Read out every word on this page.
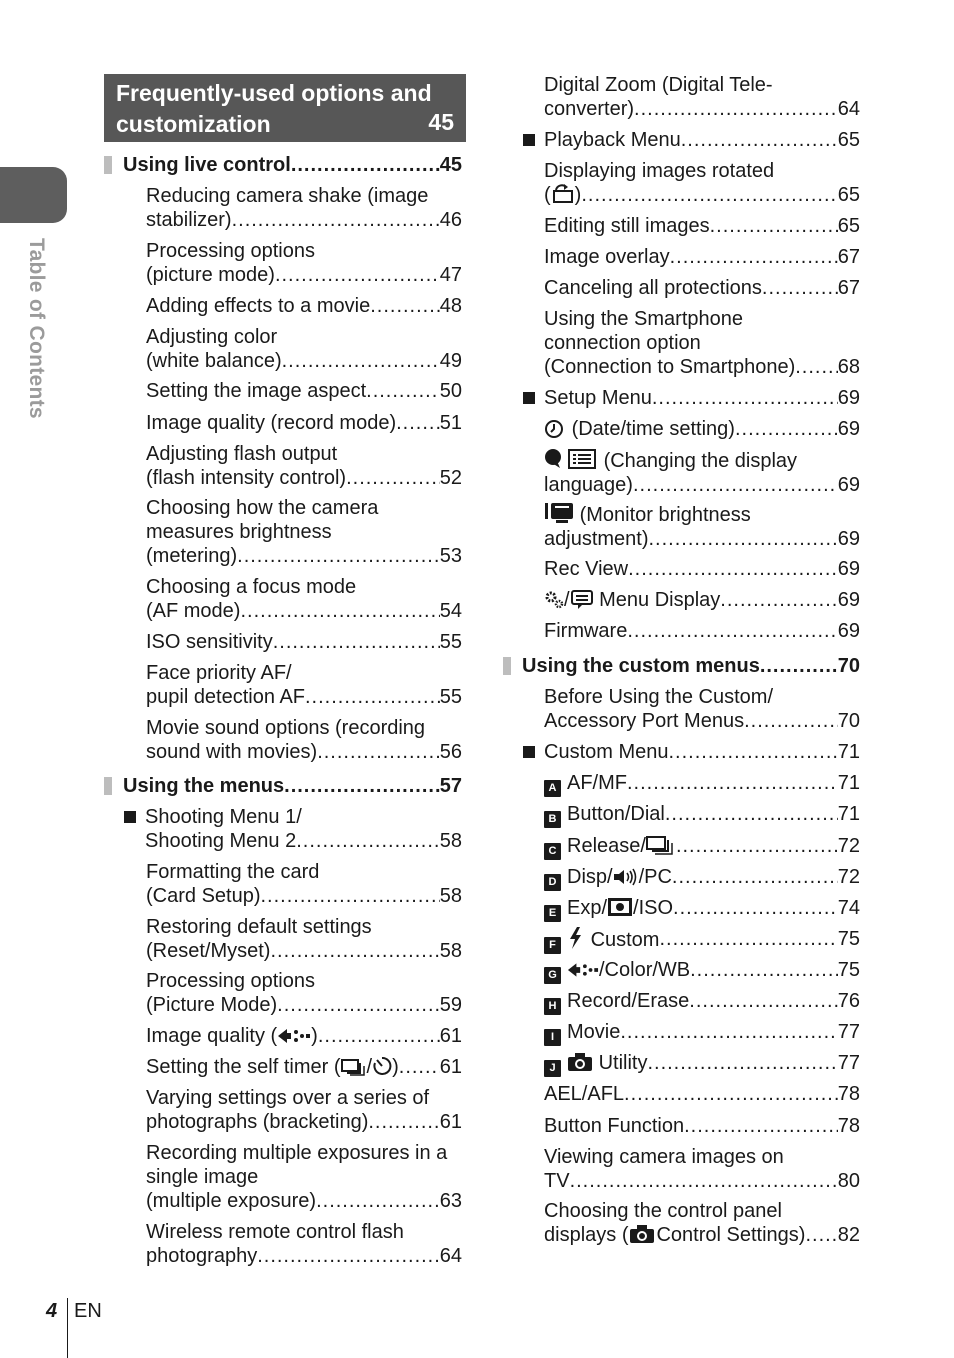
Table of Contents
Frequently-used options and
customization	45
Using live control .....	45
Reducing camera shake (image
stabilizer) .....	46
Processing options
(picture mode) .....	47
Adding effects to a movie .....	48
Adjusting color
(white balance) .....	49
Setting the image aspect .....	50
Image quality (record mode) ..... 51
Adjusting flash output
(flash intensity control) .....	52
Choosing how the camera
measures brightness
(metering) .....	53
Choosing a focus mode
(AF mode) .....	54
ISO sensitivity .....	55
Face priority AF/
pupil detection AF .....	55
Movie sound options (recording
sound with movies) .....	56
Using the menus .....	57
Shooting Menu 1/
Shooting Menu 2 .....	58
Formatting the card
(Card Setup) .....	58
Restoring default settings
(Reset/Myset) .....	58
Processing options
(Picture Mode) .....	59
Image quality ( ) .....	61
Setting the self timer ( / ) ..... 61
Varying settings over a series of
photographs (bracketing) .....	61
Recording multiple exposures in a
single image
(multiple exposure) .....	63
Wireless remote control flash
photography .....	64
Digital Zoom (Digital Tele-
converter) .....	64
Playback Menu .....	65
Displaying images rotated
( ) .....	65
Editing still images .....	65
Image overlay .....	67
Canceling all protections .....	67
Using the Smartphone
connection option
(Connection to Smartphone) ..... 68
Setup Menu .....	69
(Date/time setting) .....	69
(Changing the display
language) .....	69
(Monitor brightness
adjustment) .....	69
Rec View .....	69
/ Menu Display .....	69
Firmware .....	69
Using the custom menus .....	70
Before Using the Custom/
Accessory Port Menus .....	70
Custom Menu .....	71
A AF/MF .....	71
B Button/Dial .....	71
C Release/ .....	72
D Disp/ /PC .....	72
E Exp/ /ISO .....	74
F Custom .....	75
G /Color/WB .....	75
H Record/Erase .....	76
I Movie .....	77
J Utility .....	77
AEL/AFL .....	78
Button Function .....	78
Viewing camera images on
TV .....	80
Choosing the control panel
displays ( Control Settings) ..... 82
4 EN
